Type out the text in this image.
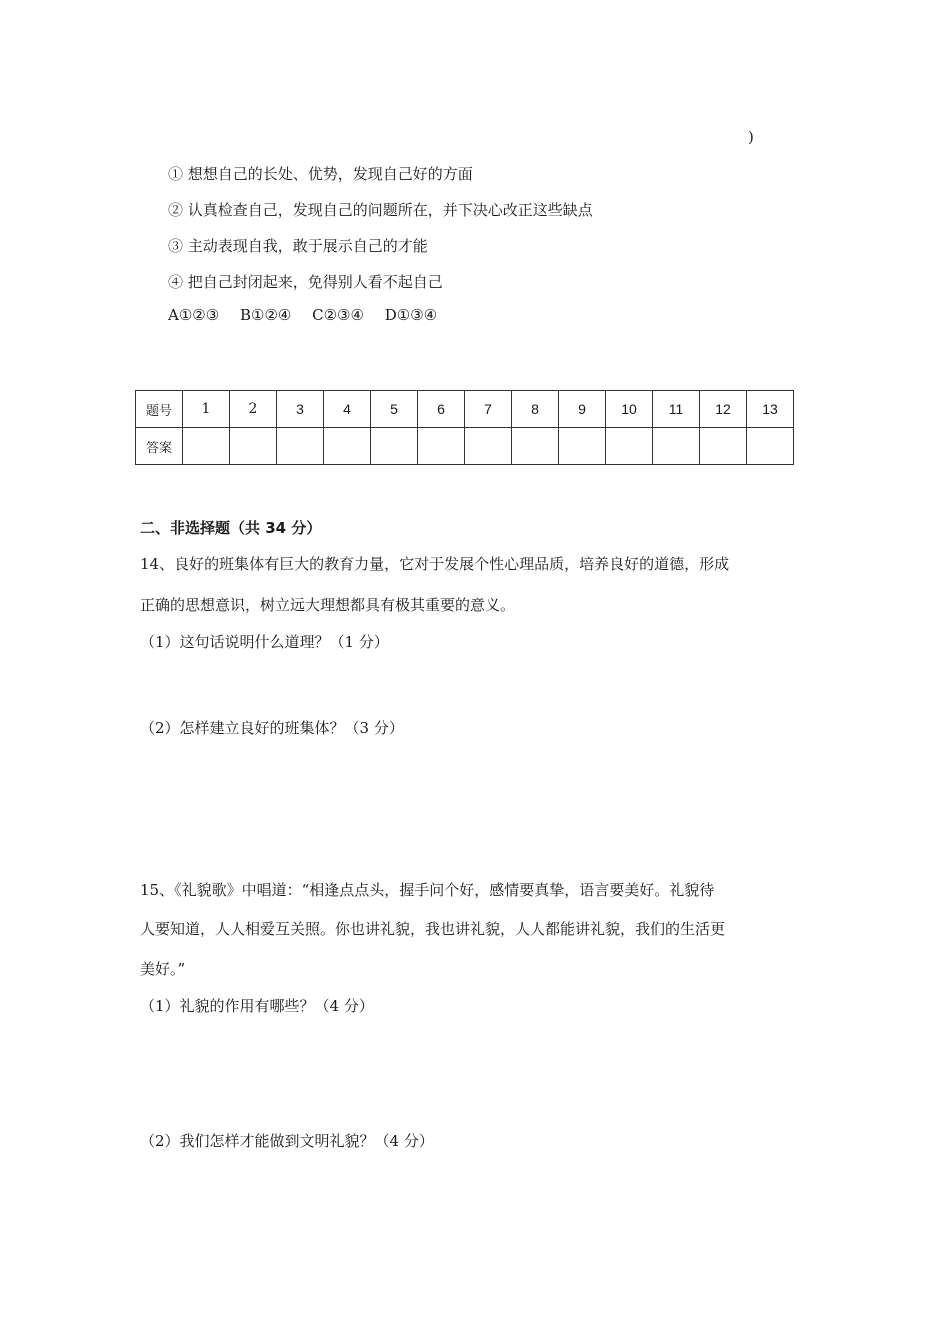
)
① 想想自己的长处、优势，发现自己好的方面
② 认真检查自己，发现自己的问题所在，并下决心改正这些缺点
③ 主动表现自我，敢于展示自己的才能
④ 把自己封闭起来，免得别人看不起自己
A①②③ B①②④ C②③④ D①③④
题号	1	2	3	4	5	6	7	8	9	10	11	12	13
答案													
二、非选择题（共 34 分）
14、良好的班集体有巨大的教育力量，它对于发展个性心理品质，培养良好的道德，形成
正确的思想意识，树立远大理想都具有极其重要的意义。
（1）这句话说明什么道理？（1 分）
（2）怎样建立良好的班集体？（3 分）
15、《礼貌歌》中唱道：“相逢点点头，握手问个好，感情要真挚，语言要美好。礼貌待
人要知道，人人相爱互关照。你也讲礼貌，我也讲礼貌，人人都能讲礼貌，我们的生活更
美好。”
（1）礼貌的作用有哪些？（4 分）
（2）我们怎样才能做到文明礼貌？（4 分）
